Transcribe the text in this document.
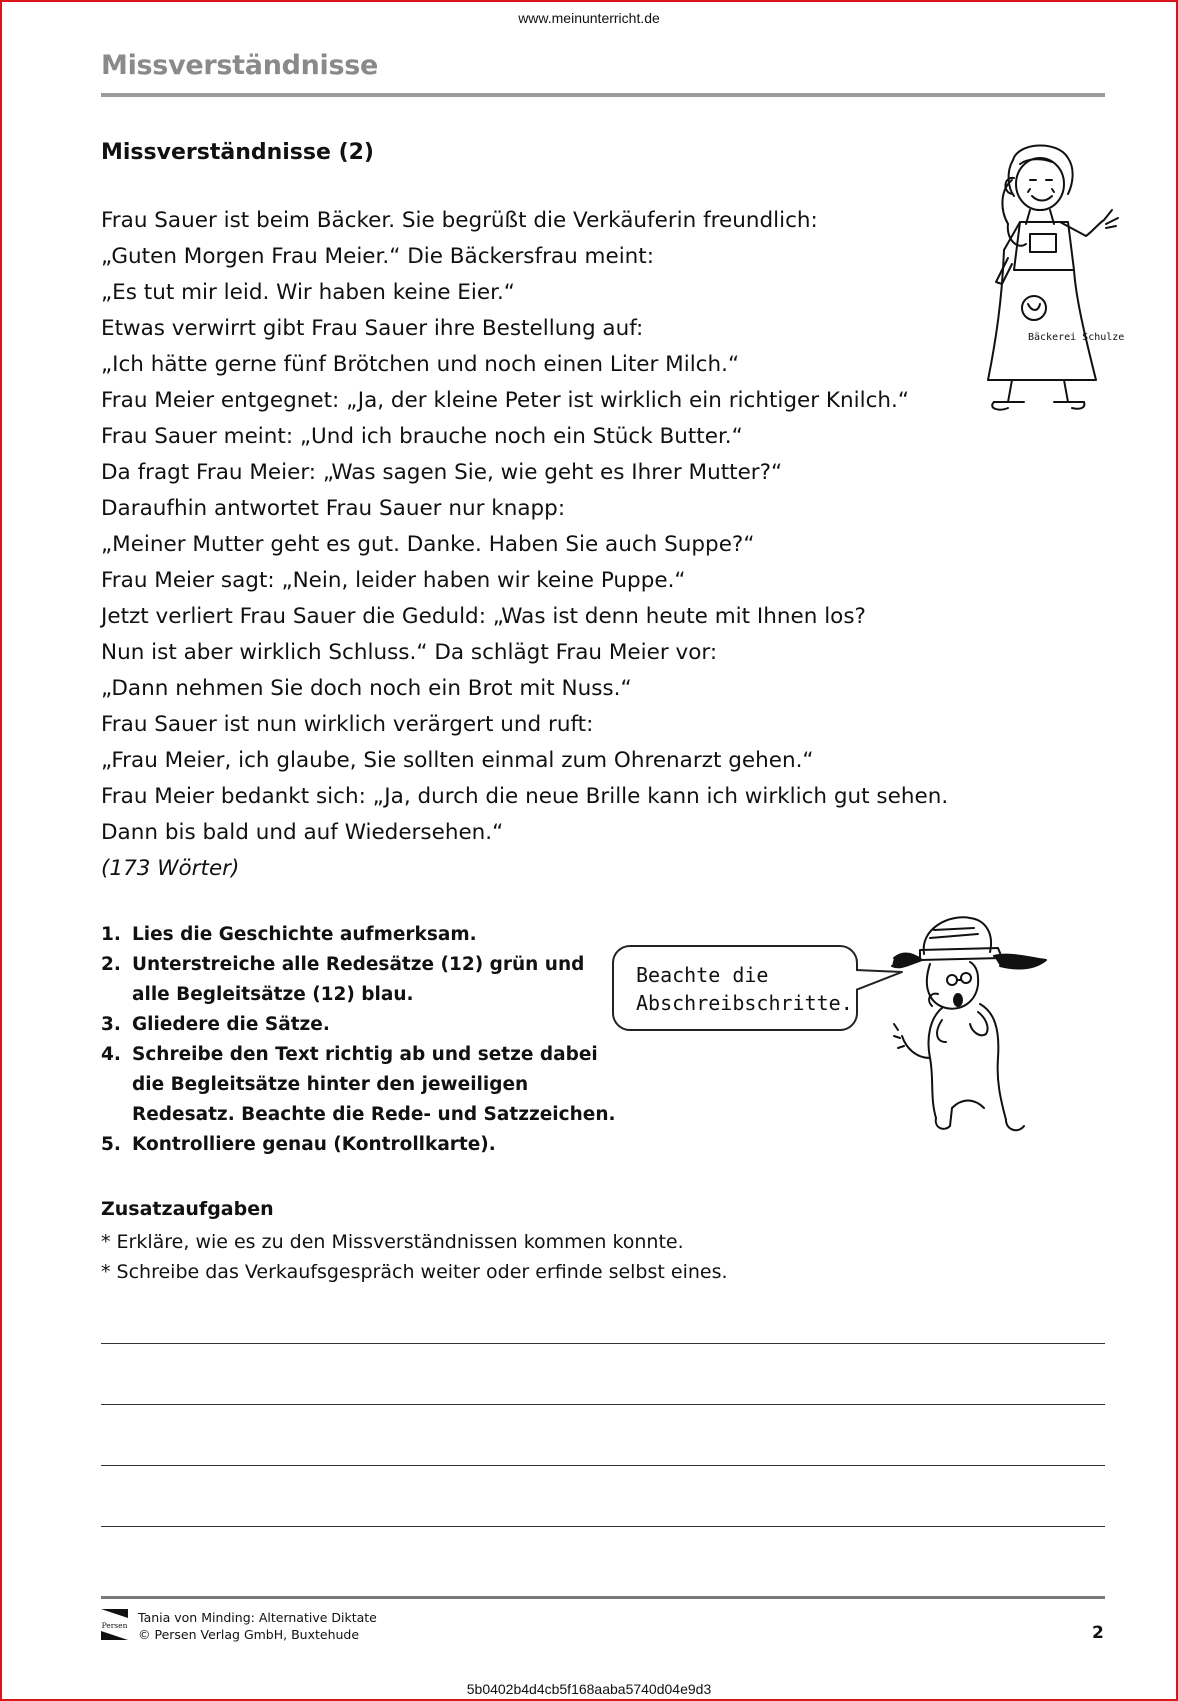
www.meinunterricht.de
Missverständnisse
Missverständnisse (2)
Frau Sauer ist beim Bäcker. Sie begrüßt die Verkäuferin freundlich:
„Guten Morgen Frau Meier.“ Die Bäckersfrau meint:
„Es tut mir leid. Wir haben keine Eier.“
Etwas verwirrt gibt Frau Sauer ihre Bestellung auf:
„Ich hätte gerne fünf Brötchen und noch einen Liter Milch.“
Frau Meier entgegnet: „Ja, der kleine Peter ist wirklich ein richtiger Knilch.“
Frau Sauer meint: „Und ich brauche noch ein Stück Butter.“
Da fragt Frau Meier: „Was sagen Sie, wie geht es Ihrer Mutter?“
Daraufhin antwortet Frau Sauer nur knapp:
„Meiner Mutter geht es gut. Danke. Haben Sie auch Suppe?“
Frau Meier sagt: „Nein, leider haben wir keine Puppe.“
Jetzt verliert Frau Sauer die Geduld: „Was ist denn heute mit Ihnen los?
Nun ist aber wirklich Schluss.“ Da schlägt Frau Meier vor:
„Dann nehmen Sie doch noch ein Brot mit Nuss.“
Frau Sauer ist nun wirklich verärgert und ruft:
„Frau Meier, ich glaube, Sie sollten einmal zum Ohrenarzt gehen.“
Frau Meier bedankt sich: „Ja, durch die neue Brille kann ich wirklich gut sehen.
Dann bis bald und auf Wiedersehen.“
(173 Wörter)
Bäckerei Schulze
1. Lies die Geschichte aufmerksam.
2. Unterstreiche alle Redesätze (12) grün und alle Begleitsätze (12) blau.
3. Gliedere die Sätze.
4. Schreibe den Text richtig ab und setze dabei die Begleitsätze hinter den jeweiligen Redesatz. Beachte die Rede- und Satzzeichen.
5. Kontrolliere genau (Kontrollkarte).
Beachte die
Abschreibschritte.
Zusatzaufgaben
* Erkläre, wie es zu den Missverständnissen kommen konnte.
* Schreibe das Verkaufsgespräch weiter oder erfinde selbst eines.
Persen
Tania von Minding: Alternative Diktate
© Persen Verlag GmbH, Buxtehude	2
5b0402b4d4cb5f168aaba5740d04e9d3
